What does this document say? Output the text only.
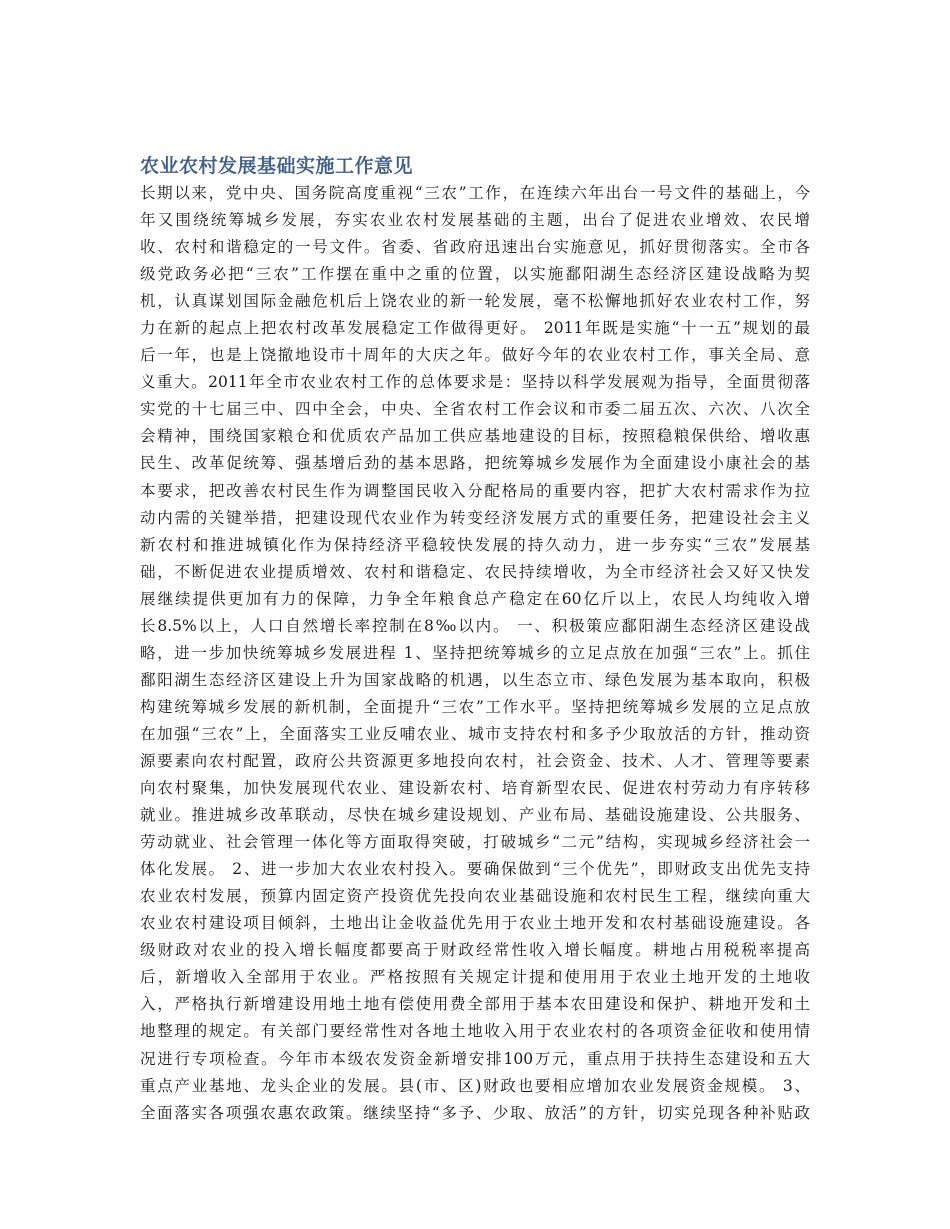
农业农村发展基础实施工作意见
长期以来，党中央、国务院高度重视“三农”工作，在连续六年出台一号文件的基础上，今
年又围绕统筹城乡发展，夯实农业农村发展基础的主题，出台了促进农业增效、农民增
收、农村和谐稳定的一号文件。省委、省政府迅速出台实施意见，抓好贯彻落实。全市各
级党政务必把“三农”工作摆在重中之重的位置，以实施鄱阳湖生态经济区建设战略为契
机，认真谋划国际金融危机后上饶农业的新一轮发展，毫不松懈地抓好农业农村工作，努
力在新的起点上把农村改革发展稳定工作做得更好。 2011年既是实施“十一五”规划的最
后一年，也是上饶撤地设市十周年的大庆之年。做好今年的农业农村工作，事关全局、意
义重大。2011年全市农业农村工作的总体要求是：坚持以科学发展观为指导，全面贯彻落
实党的十七届三中、四中全会，中央、全省农村工作会议和市委二届五次、六次、八次全
会精神，围绕国家粮仓和优质农产品加工供应基地建设的目标，按照稳粮保供给、增收惠
民生、改革促统筹、强基增后劲的基本思路，把统筹城乡发展作为全面建设小康社会的基
本要求，把改善农村民生作为调整国民收入分配格局的重要内容，把扩大农村需求作为拉
动内需的关键举措，把建设现代农业作为转变经济发展方式的重要任务，把建设社会主义
新农村和推进城镇化作为保持经济平稳较快发展的持久动力，进一步夯实“三农”发展基
础，不断促进农业提质增效、农村和谐稳定、农民持续增收，为全市经济社会又好又快发
展继续提供更加有力的保障，力争全年粮食总产稳定在60亿斤以上，农民人均纯收入增
长8.5%以上，人口自然增长率控制在8‰以内。 一、积极策应鄱阳湖生态经济区建设战
略，进一步加快统筹城乡发展进程 1、坚持把统筹城乡的立足点放在加强“三农”上。抓住
鄱阳湖生态经济区建设上升为国家战略的机遇，以生态立市、绿色发展为基本取向，积极
构建统筹城乡发展的新机制，全面提升“三农”工作水平。坚持把统筹城乡发展的立足点放
在加强“三农”上，全面落实工业反哺农业、城市支持农村和多予少取放活的方针，推动资
源要素向农村配置，政府公共资源更多地投向农村，社会资金、技术、人才、管理等要素
向农村聚集，加快发展现代农业、建设新农村、培育新型农民、促进农村劳动力有序转移
就业。推进城乡改革联动，尽快在城乡建设规划、产业布局、基础设施建设、公共服务、
劳动就业、社会管理一体化等方面取得突破，打破城乡“二元”结构，实现城乡经济社会一
体化发展。 2、进一步加大农业农村投入。要确保做到“三个优先”，即财政支出优先支持
农业农村发展，预算内固定资产投资优先投向农业基础设施和农村民生工程，继续向重大
农业农村建设项目倾斜，土地出让金收益优先用于农业土地开发和农村基础设施建设。各
级财政对农业的投入增长幅度都要高于财政经常性收入增长幅度。耕地占用税税率提高
后，新增收入全部用于农业。严格按照有关规定计提和使用用于农业土地开发的土地收
入，严格执行新增建设用地土地有偿使用费全部用于基本农田建设和保护、耕地开发和土
地整理的规定。有关部门要经常性对各地土地收入用于农业农村的各项资金征收和使用情
况进行专项检查。今年市本级农发资金新增安排100万元，重点用于扶持生态建设和五大
重点产业基地、龙头企业的发展。县(市、区)财政也要相应增加农业发展资金规模。 3、
全面落实各项强农惠农政策。继续坚持“多予、少取、放活”的方针，切实兑现各种补贴政
